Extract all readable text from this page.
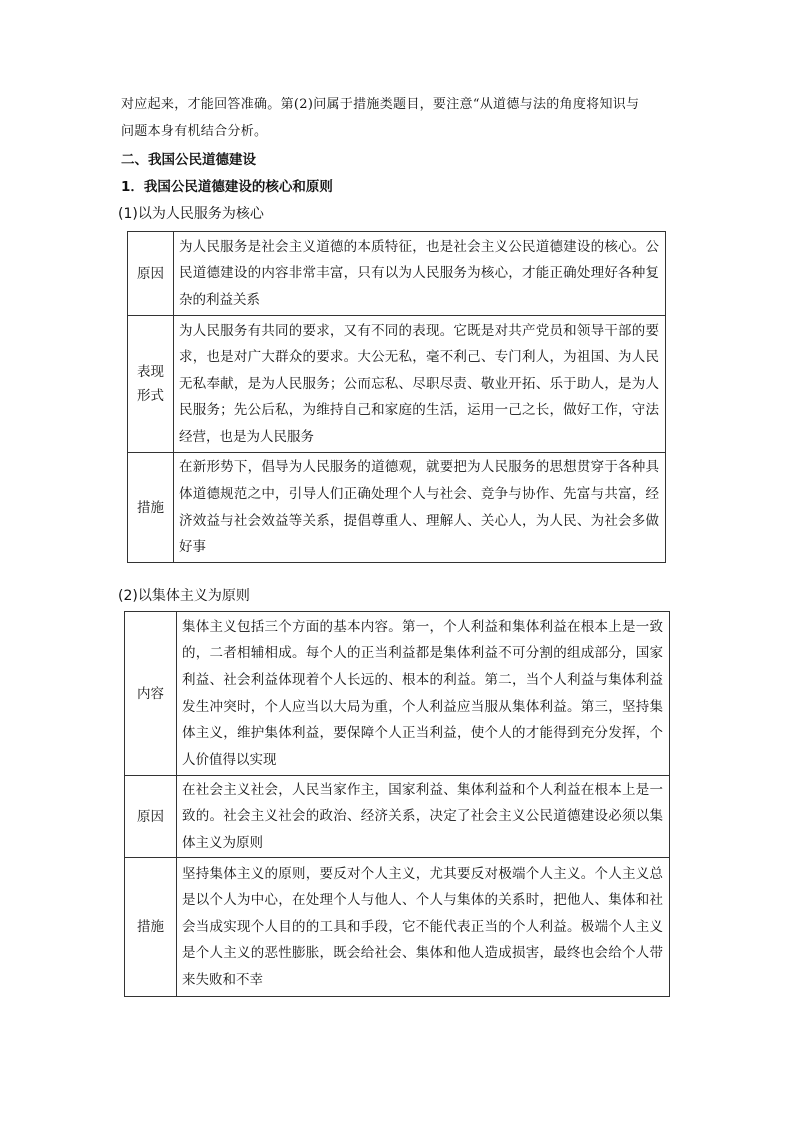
对应起来，才能回答准确。第(2)问属于措施类题目，要注意“从道德与法的角度将知识与
问题本身有机结合分析。
二、我国公民道德建设
1．我国公民道德建设的核心和原则
(1)以为人民服务为核心
原因	为人民服务是社会主义道德的本质特征，也是社会主义公民道德建设的核心。公民道德建设的内容非常丰富，只有以为人民服务为核心，才能正确处理好各种复杂的利益关系

表现
形式	为人民服务有共同的要求，又有不同的表现。它既是对共产党员和领导干部的要求，也是对广大群众的要求。大公无私，毫不利己、专门利人，为祖国、为人民无私奉献，是为人民服务；公而忘私、尽职尽责、敬业开拓、乐于助人，是为人民服务；先公后私，为维持自己和家庭的生活，运用一己之长，做好工作，守法经营，也是为人民服务
措施	在新形势下，倡导为人民服务的道德观，就要把为人民服务的思想贯穿于各种具体道德规范之中，引导人们正确处理个人与社会、竞争与协作、先富与共富，经济效益与社会效益等关系，提倡尊重人、理解人、关心人，为人民、为社会多做好事
(2)以集体主义为原则
内容	集体主义包括三个方面的基本内容。第一，个人利益和集体利益在根本上是一致的，二者相辅相成。每个人的正当利益都是集体利益不可分割的组成部分，国家利益、社会利益体现着个人长远的、根本的利益。第二，当个人利益与集体利益发生冲突时，个人应当以大局为重，个人利益应当服从集体利益。第三，坚持集体主义，维护集体利益，要保障个人正当利益，使个人的才能得到充分发挥，个人价值得以实现
原因	在社会主义社会，人民当家作主，国家利益、集体利益和个人利益在根本上是一致的。社会主义社会的政治、经济关系，决定了社会主义公民道德建设必须以集体主义为原则
措施	坚持集体主义的原则，要反对个人主义，尤其要反对极端个人主义。个人主义总是以个人为中心，在处理个人与他人、个人与集体的关系时，把他人、集体和社会当成实现个人目的的工具和手段，它不能代表正当的个人利益。极端个人主义是个人主义的恶性膨胀，既会给社会、集体和他人造成损害，最终也会给个人带来失败和不幸
